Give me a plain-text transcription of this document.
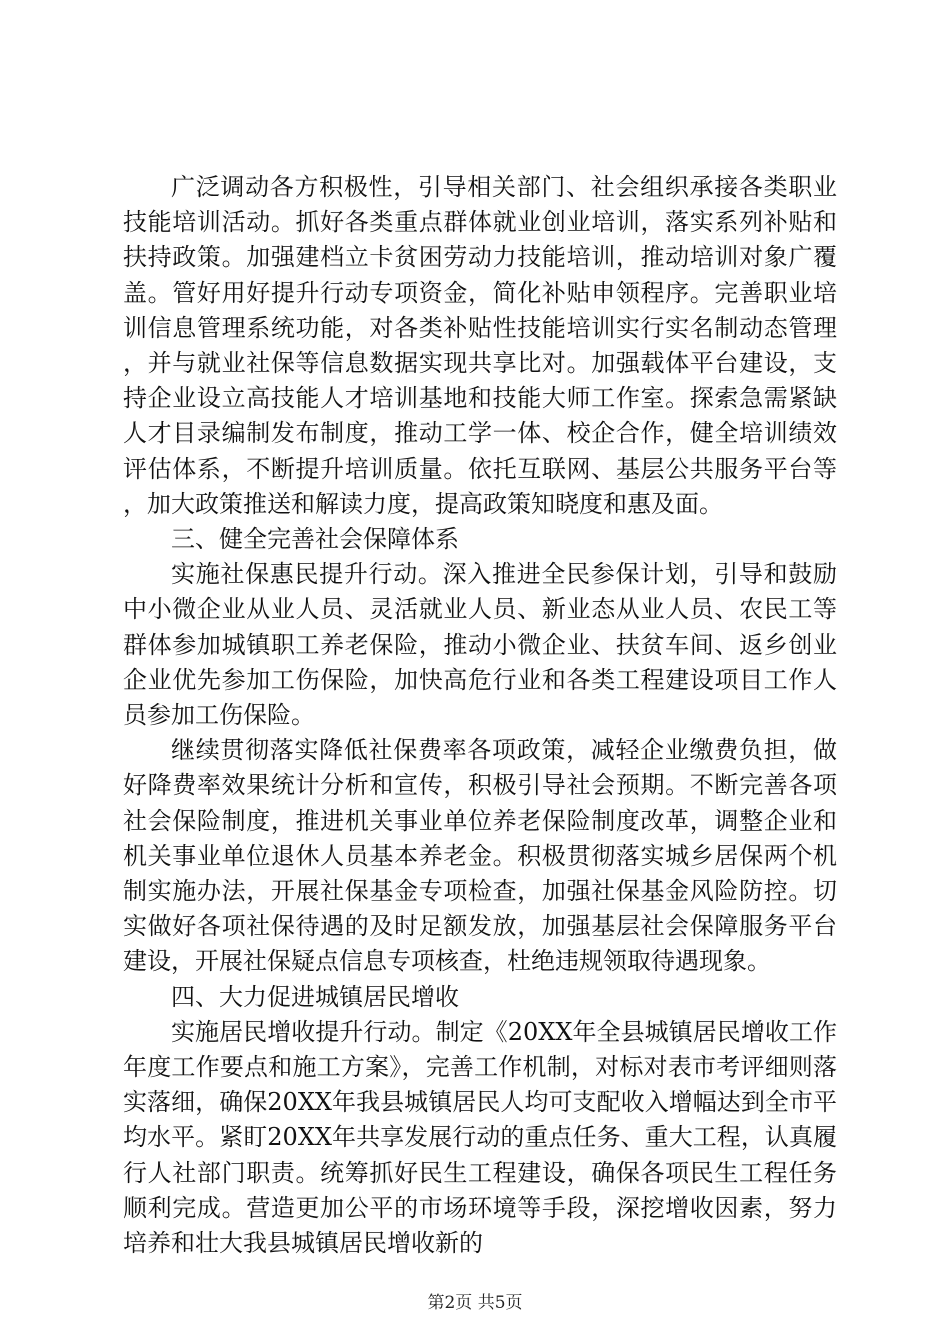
广泛调动各方积极性，引导相关部门、社会组织承接各类职业技能培训活动。抓好各类重点群体就业创业培训，落实系列补贴和扶持政策。加强建档立卡贫困劳动力技能培训，推动培训对象广覆盖。管好用好提升行动专项资金，简化补贴申领程序。完善职业培训信息管理系统功能，对各类补贴性技能培训实行实名制动态管理，并与就业社保等信息数据实现共享比对。加强载体平台建设，支持企业设立高技能人才培训基地和技能大师工作室。探索急需紧缺人才目录编制发布制度，推动工学一体、校企合作，健全培训绩效评估体系，不断提升培训质量。依托互联网、基层公共服务平台等，加大政策推送和解读力度，提高政策知晓度和惠及面。

三、健全完善社会保障体系

实施社保惠民提升行动。深入推进全民参保计划，引导和鼓励中小微企业从业人员、灵活就业人员、新业态从业人员、农民工等群体参加城镇职工养老保险，推动小微企业、扶贫车间、返乡创业企业优先参加工伤保险，加快高危行业和各类工程建设项目工作人员参加工伤保险。

继续贯彻落实降低社保费率各项政策，减轻企业缴费负担，做好降费率效果统计分析和宣传，积极引导社会预期。不断完善各项社会保险制度，推进机关事业单位养老保险制度改革，调整企业和机关事业单位退休人员基本养老金。积极贯彻落实城乡居保两个机制实施办法，开展社保基金专项检查，加强社保基金风险防控。切实做好各项社保待遇的及时足额发放，加强基层社会保障服务平台建设，开展社保疑点信息专项核查，杜绝违规领取待遇现象。

四、大力促进城镇居民增收

实施居民增收提升行动。制定《20XX年全县城镇居民增收工作年度工作要点和施工方案》，完善工作机制，对标对表市考评细则落实落细，确保20XX年我县城镇居民人均可支配收入增幅达到全市平均水平。紧盯20XX年共享发展行动的重点任务、重大工程，认真履行人社部门职责。统筹抓好民生工程建设，确保各项民生工程任务顺利完成。营造更加公平的市场环境等手段，深挖增收因素，努力培养和壮大我县城镇居民增收新的

第2页 共5页
